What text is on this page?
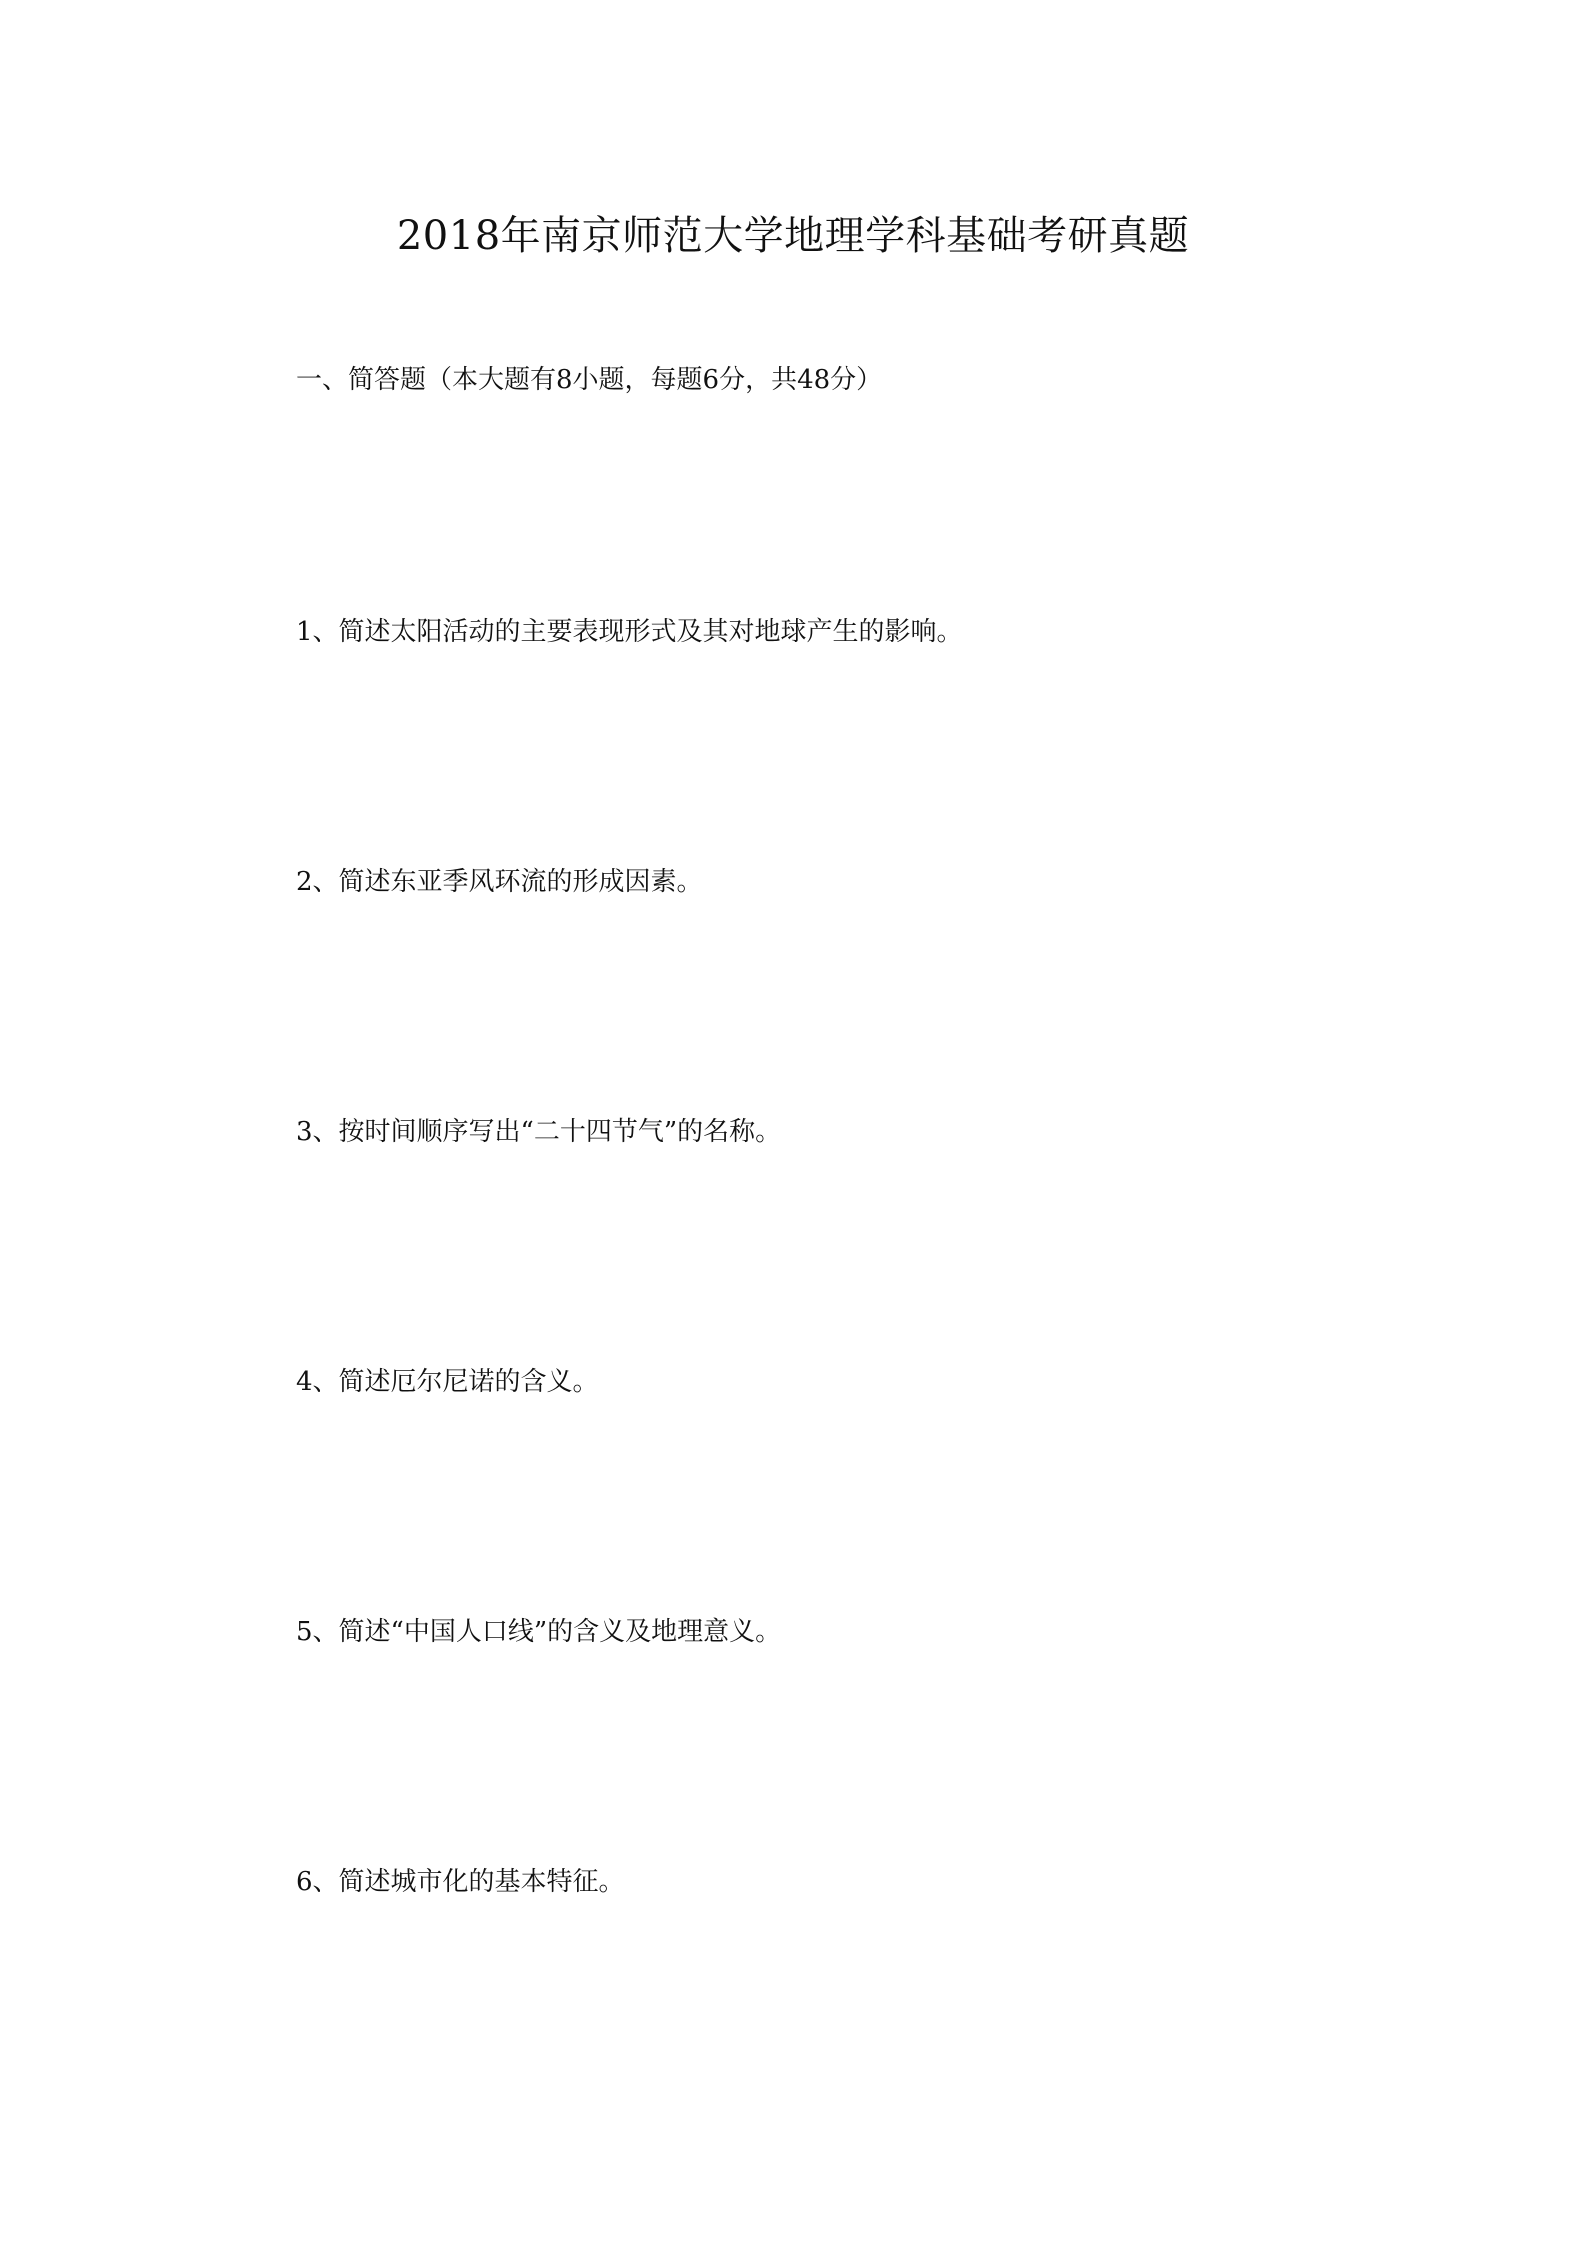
2018年南京师范大学地理学科基础考研真题
一、简答题（本大题有8小题，每题6分，共48分）
1、简述太阳活动的主要表现形式及其对地球产生的影响。
2、简述东亚季风环流的形成因素。
3、按时间顺序写出“二十四节气”的名称。
4、简述厄尔尼诺的含义。
5、简述“中国人口线”的含义及地理意义。
6、简述城市化的基本特征。
